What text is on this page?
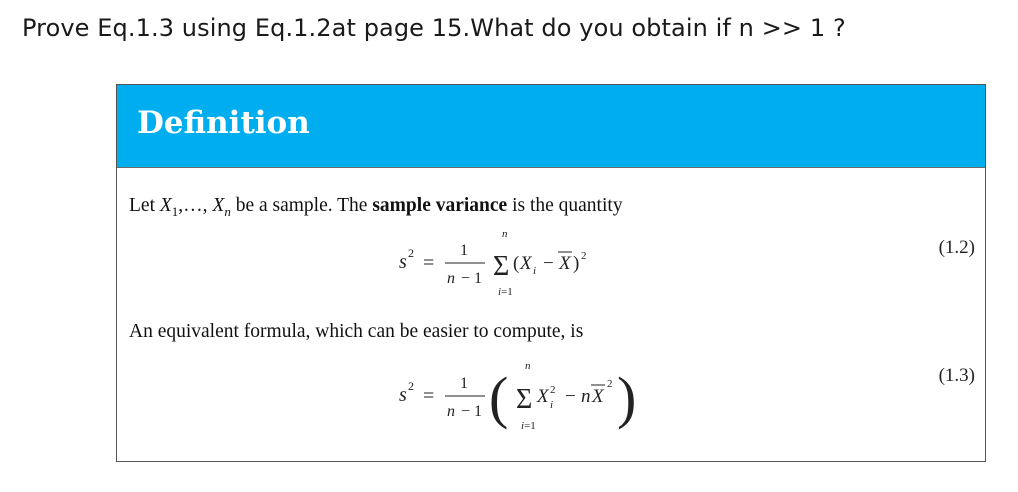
Prove Eq.1.3 using Eq.1.2at page 15.What do you obtain if n >> 1 ?
Definition
Let $X_1,\dots$, $X_n$ be a sample. The sample variance is the quantity
s 2 =
1
n − 1
n
Σ
i=1
( X i − X ) 2	(1.2)
An equivalent formula, which can be easier to compute, is
s 2 =
1
n − 1 ( n
Σ
i=1
X 2
i − n X
2 )	(1.3)
